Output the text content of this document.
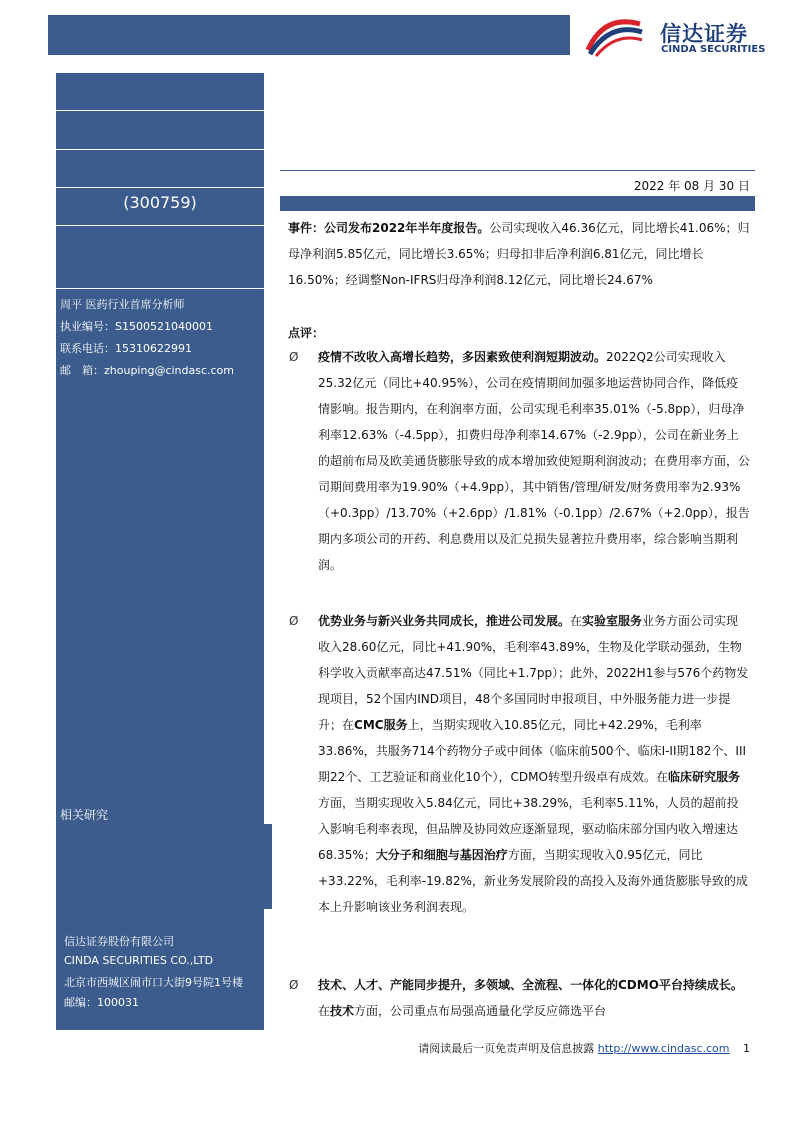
信达证券
CINDA SECURITIES
(300759)
周平 医药行业首席分析师
执业编号：S1500521040001
联系电话：15310622991
邮　箱：zhouping@cindasc.com
相关研究
信达证券股份有限公司
CINDA SECURITIES CO.,LTD
北京市西城区闹市口大街9号院1号楼
邮编：100031
2022 年 08 月 30 日
事件：公司发布2022年半年度报告。公司实现收入46.36亿元，同比增长41.06%；归母净利润5.85亿元，同比增长3.65%；归母扣非后净利润6.81亿元，同比增长16.50%；经调整Non-IFRS归母净利润8.12亿元，同比增长24.67%
点评：
Ø 疫情不改收入高增长趋势，多因素致使利润短期波动。2022Q2公司实现收入25.32亿元（同比+40.95%），公司在疫情期间加强多地运营协同合作，降低疫情影响。报告期内，在利润率方面，公司实现毛利率35.01%（-5.8pp），归母净利率12.63%（-4.5pp），扣费归母净利率14.67%（-2.9pp），公司在新业务上的超前布局及欧美通货膨胀导致的成本增加致使短期利润波动；在费用率方面，公司期间费用率为19.90%（+4.9pp），其中销售/管理/研发/财务费用率为2.93%（+0.3pp）/13.70%（+2.6pp）/1.81%（-0.1pp）/2.67%（+2.0pp），报告期内多项公司的开药、利息费用以及汇兑损失显著拉升费用率，综合影响当期利润。
Ø 优势业务与新兴业务共同成长，推进公司发展。在实验室服务业务方面公司实现收入28.60亿元，同比+41.90%，毛利率43.89%，生物及化学联动强劲，生物科学收入贡献率高达47.51%（同比+1.7pp）；此外，2022H1参与576个药物发现项目，52个国内IND项目，48个多国同时申报项目，中外服务能力进一步提升；在CMC服务上，当期实现收入10.85亿元，同比+42.29%，毛利率33.86%，共服务714个药物分子或中间体（临床前500个、临床I-II期182个、III期22个、工艺验证和商业化10个），CDMO转型升级卓有成效。在临床研究服务方面，当期实现收入5.84亿元，同比+38.29%，毛利率5.11%，人员的超前投入影响毛利率表现，但品牌及协同效应逐渐显现，驱动临床部分国内收入增速达68.35%；大分子和细胞与基因治疗方面，当期实现收入0.95亿元，同比+33.22%，毛利率-19.82%，新业务发展阶段的高投入及海外通货膨胀导致的成本上升影响该业务利润表现。
Ø 技术、人才、产能同步提升，多领域、全流程、一体化的CDMO平台持续成长。在技术方面，公司重点布局强高通量化学反应筛选平台
请阅读最后一页免责声明及信息披露 http://www.cindasc.com 1
